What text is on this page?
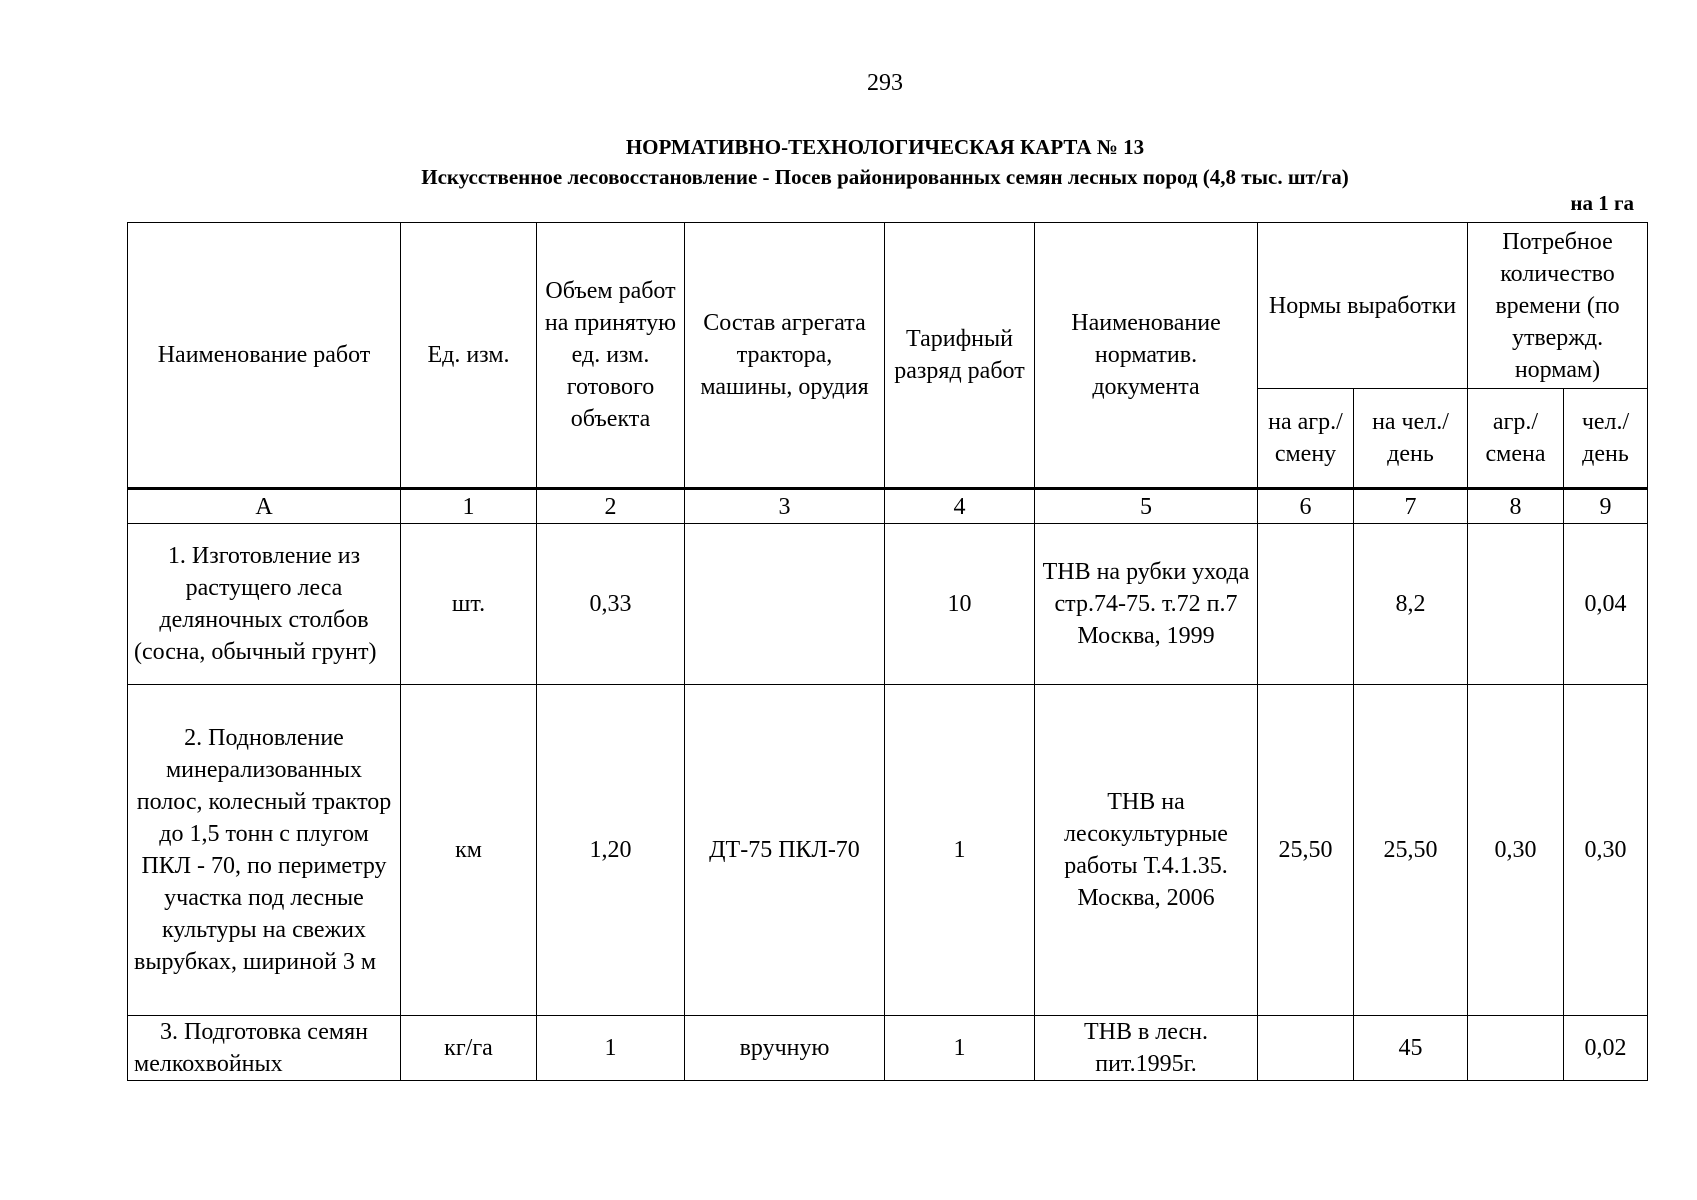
293
НОРМАТИВНО-ТЕХНОЛОГИЧЕСКАЯ КАРТА № 13
Искусственное лесовосстановление - Посев районированных семян лесных пород (4,8 тыс. шт/га)
на 1 га
Наименование работ	Ед. изм.	Объем работ на принятую ед. изм. готового объекта	Состав агрегата трактора, машины, орудия	Тарифный разряд работ	Наименование норматив. документа	Нормы выработки		Потребное количество времени (по утвержд. нормам)	
						на агр./ смену	на чел./ день	агр./ смена	чел./ день
А	1	2	3	4	5	6	7	8	9
1. Изготовление из растущего леса деляночных столбов (сосна, обычный грунт)	шт.	0,33		10	ТНВ на рубки ухода стр.74-75. т.72 п.7 Москва, 1999		8,2		0,04
2. Подновление минерализованных полос, колесный трактор до 1,5 тонн с плугом ПКЛ - 70, по периметру участка под лесные культуры на свежих вырубках, шириной 3 м	км	1,20	ДТ-75 ПКЛ-70	1	ТНВ на лесокультурные работы Т.4.1.35. Москва, 2006	25,50	25,50	0,30	0,30
3. Подготовка семян мелкохвойных	кг/га	1	вручную	1	ТНВ в лесн. пит.1995г.		45		0,02
